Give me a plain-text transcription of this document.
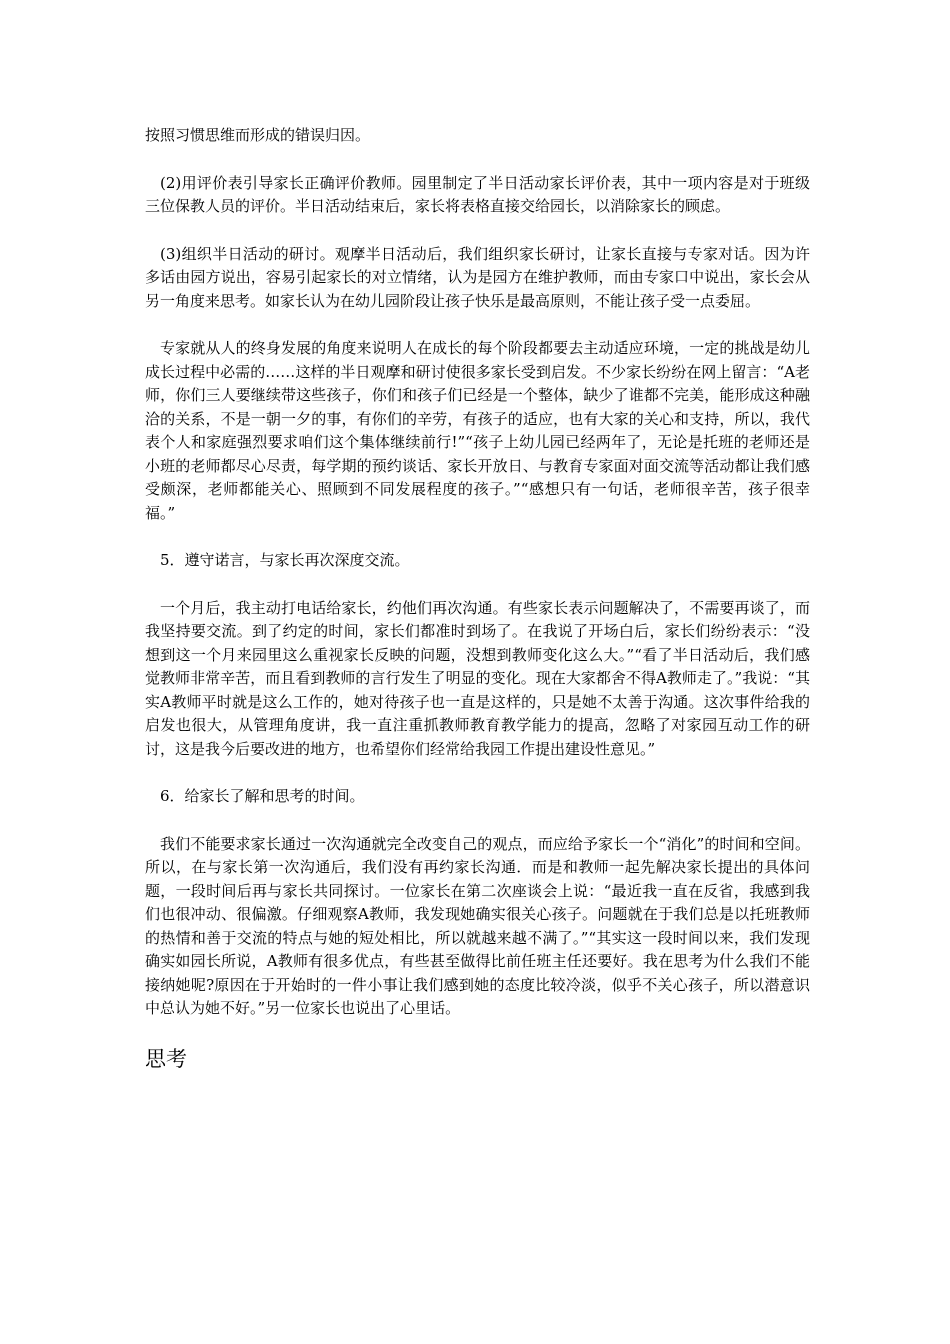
按照习惯思维而形成的错误归因。

(2)用评价表引导家长正确评价教师。园里制定了半日活动家长评价表，其中一项内容是对于班级三位保教人员的评价。半日活动结束后，家长将表格直接交给园长，以消除家长的顾虑。

(3)组织半日活动的研讨。观摩半日活动后，我们组织家长研讨，让家长直接与专家对话。因为许多话由园方说出，容易引起家长的对立情绪，认为是园方在维护教师，而由专家口中说出，家长会从另一角度来思考。如家长认为在幼儿园阶段让孩子快乐是最高原则，不能让孩子受一点委屈。

专家就从人的终身发展的角度来说明人在成长的每个阶段都要去主动适应环境，一定的挑战是幼儿成长过程中必需的……这样的半日观摩和研讨使很多家长受到启发。不少家长纷纷在网上留言：“A老师，你们三人要继续带这些孩子，你们和孩子们已经是一个整体，缺少了谁都不完美，能形成这种融洽的关系，不是一朝一夕的事，有你们的辛劳，有孩子的适应，也有大家的关心和支持，所以，我代表个人和家庭强烈要求咱们这个集体继续前行!”“孩子上幼儿园已经两年了，无论是托班的老师还是小班的老师都尽心尽责，每学期的预约谈话、家长开放日、与教育专家面对面交流等活动都让我们感受颇深，老师都能关心、照顾到不同发展程度的孩子。”“感想只有一句话，老师很辛苦，孩子很幸福。”

5．遵守诺言，与家长再次深度交流。

一个月后，我主动打电话给家长，约他们再次沟通。有些家长表示问题解决了，不需要再谈了，而我坚持要交流。到了约定的时间，家长们都准时到场了。在我说了开场白后，家长们纷纷表示：“没想到这一个月来园里这么重视家长反映的问题，没想到教师变化这么大。”“看了半日活动后，我们感觉教师非常辛苦，而且看到教师的言行发生了明显的变化。现在大家都舍不得A教师走了。”我说：“其实A教师平时就是这么工作的，她对待孩子也一直是这样的，只是她不太善于沟通。这次事件给我的启发也很大，从管理角度讲，我一直注重抓教师教育教学能力的提高，忽略了对家园互动工作的研讨，这是我今后要改进的地方，也希望你们经常给我园工作提出建设性意见。”

6．给家长了解和思考的时间。

我们不能要求家长通过一次沟通就完全改变自己的观点，而应给予家长一个“消化”的时间和空间。所以，在与家长第一次沟通后，我们没有再约家长沟通．而是和教师一起先解决家长提出的具体问题，一段时间后再与家长共同探讨。一位家长在第二次座谈会上说：“最近我一直在反省，我感到我们也很冲动、很偏激。仔细观察A教师，我发现她确实很关心孩子。问题就在于我们总是以托班教师的热情和善于交流的特点与她的短处相比，所以就越来越不满了。”“其实这一段时间以来，我们发现确实如园长所说，A教师有很多优点，有些甚至做得比前任班主任还要好。我在思考为什么我们不能接纳她呢?原因在于开始时的一件小事让我们感到她的态度比较冷淡，似乎不关心孩子，所以潜意识中总认为她不好。”另一位家长也说出了心里话。

思考
